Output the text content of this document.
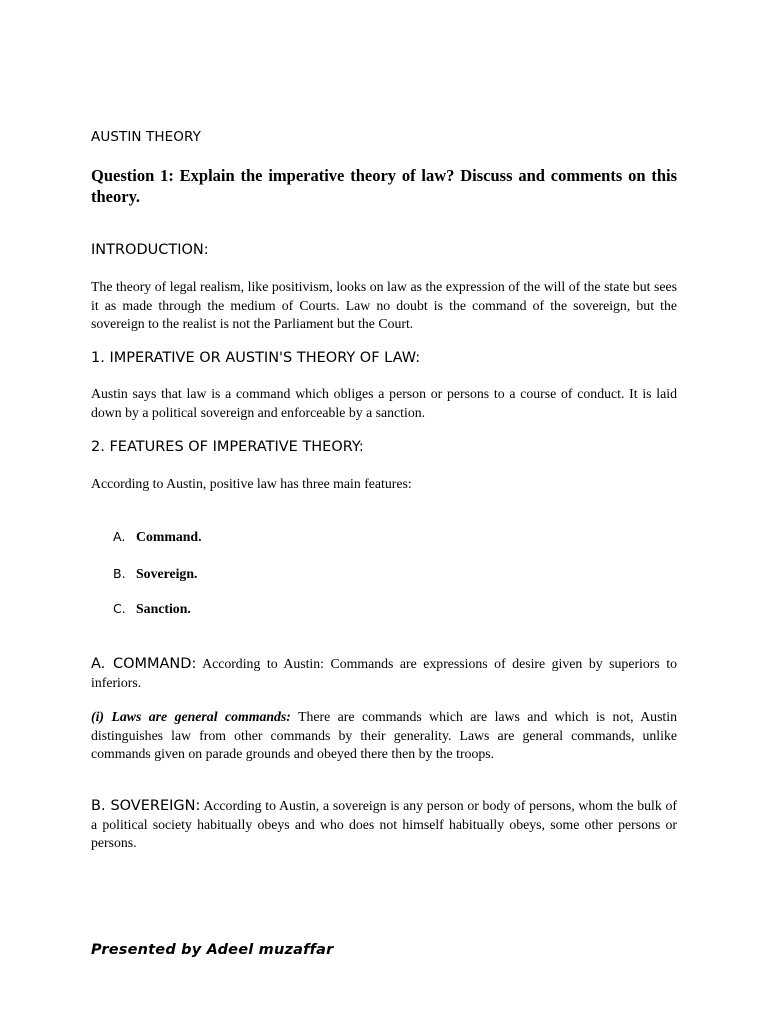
AUSTIN THEORY

Question 1: Explain the imperative theory of law? Discuss and comments on this theory.

INTRODUCTION:

The theory of legal realism, like positivism, looks on law as the expression of the will of the state but sees it as made through the medium of Courts. Law no doubt is the command of the sovereign, but the sovereign to the realist is not the Parliament but the Court.

1. IMPERATIVE OR AUSTIN'S THEORY OF LAW:

Austin says that law is a command which obliges a person or persons to a course of conduct. It is laid down by a political sovereign and enforceable by a sanction.

2. FEATURES OF IMPERATIVE THEORY:

According to Austin, positive law has three main features:

A. Command.
B. Sovereign.
C. Sanction.

A. COMMAND: According to Austin: Commands are expressions of desire given by superiors to inferiors.

(i) Laws are general commands: There are commands which are laws and which is not, Austin distinguishes law from other commands by their generality. Laws are general commands, unlike commands given on parade grounds and obeyed there then by the troops.

B. SOVEREIGN: According to Austin, a sovereign is any person or body of persons, whom the bulk of a political society habitually obeys and who does not himself habitually obeys, some other persons or persons.

Presented by Adeel muzaffar
